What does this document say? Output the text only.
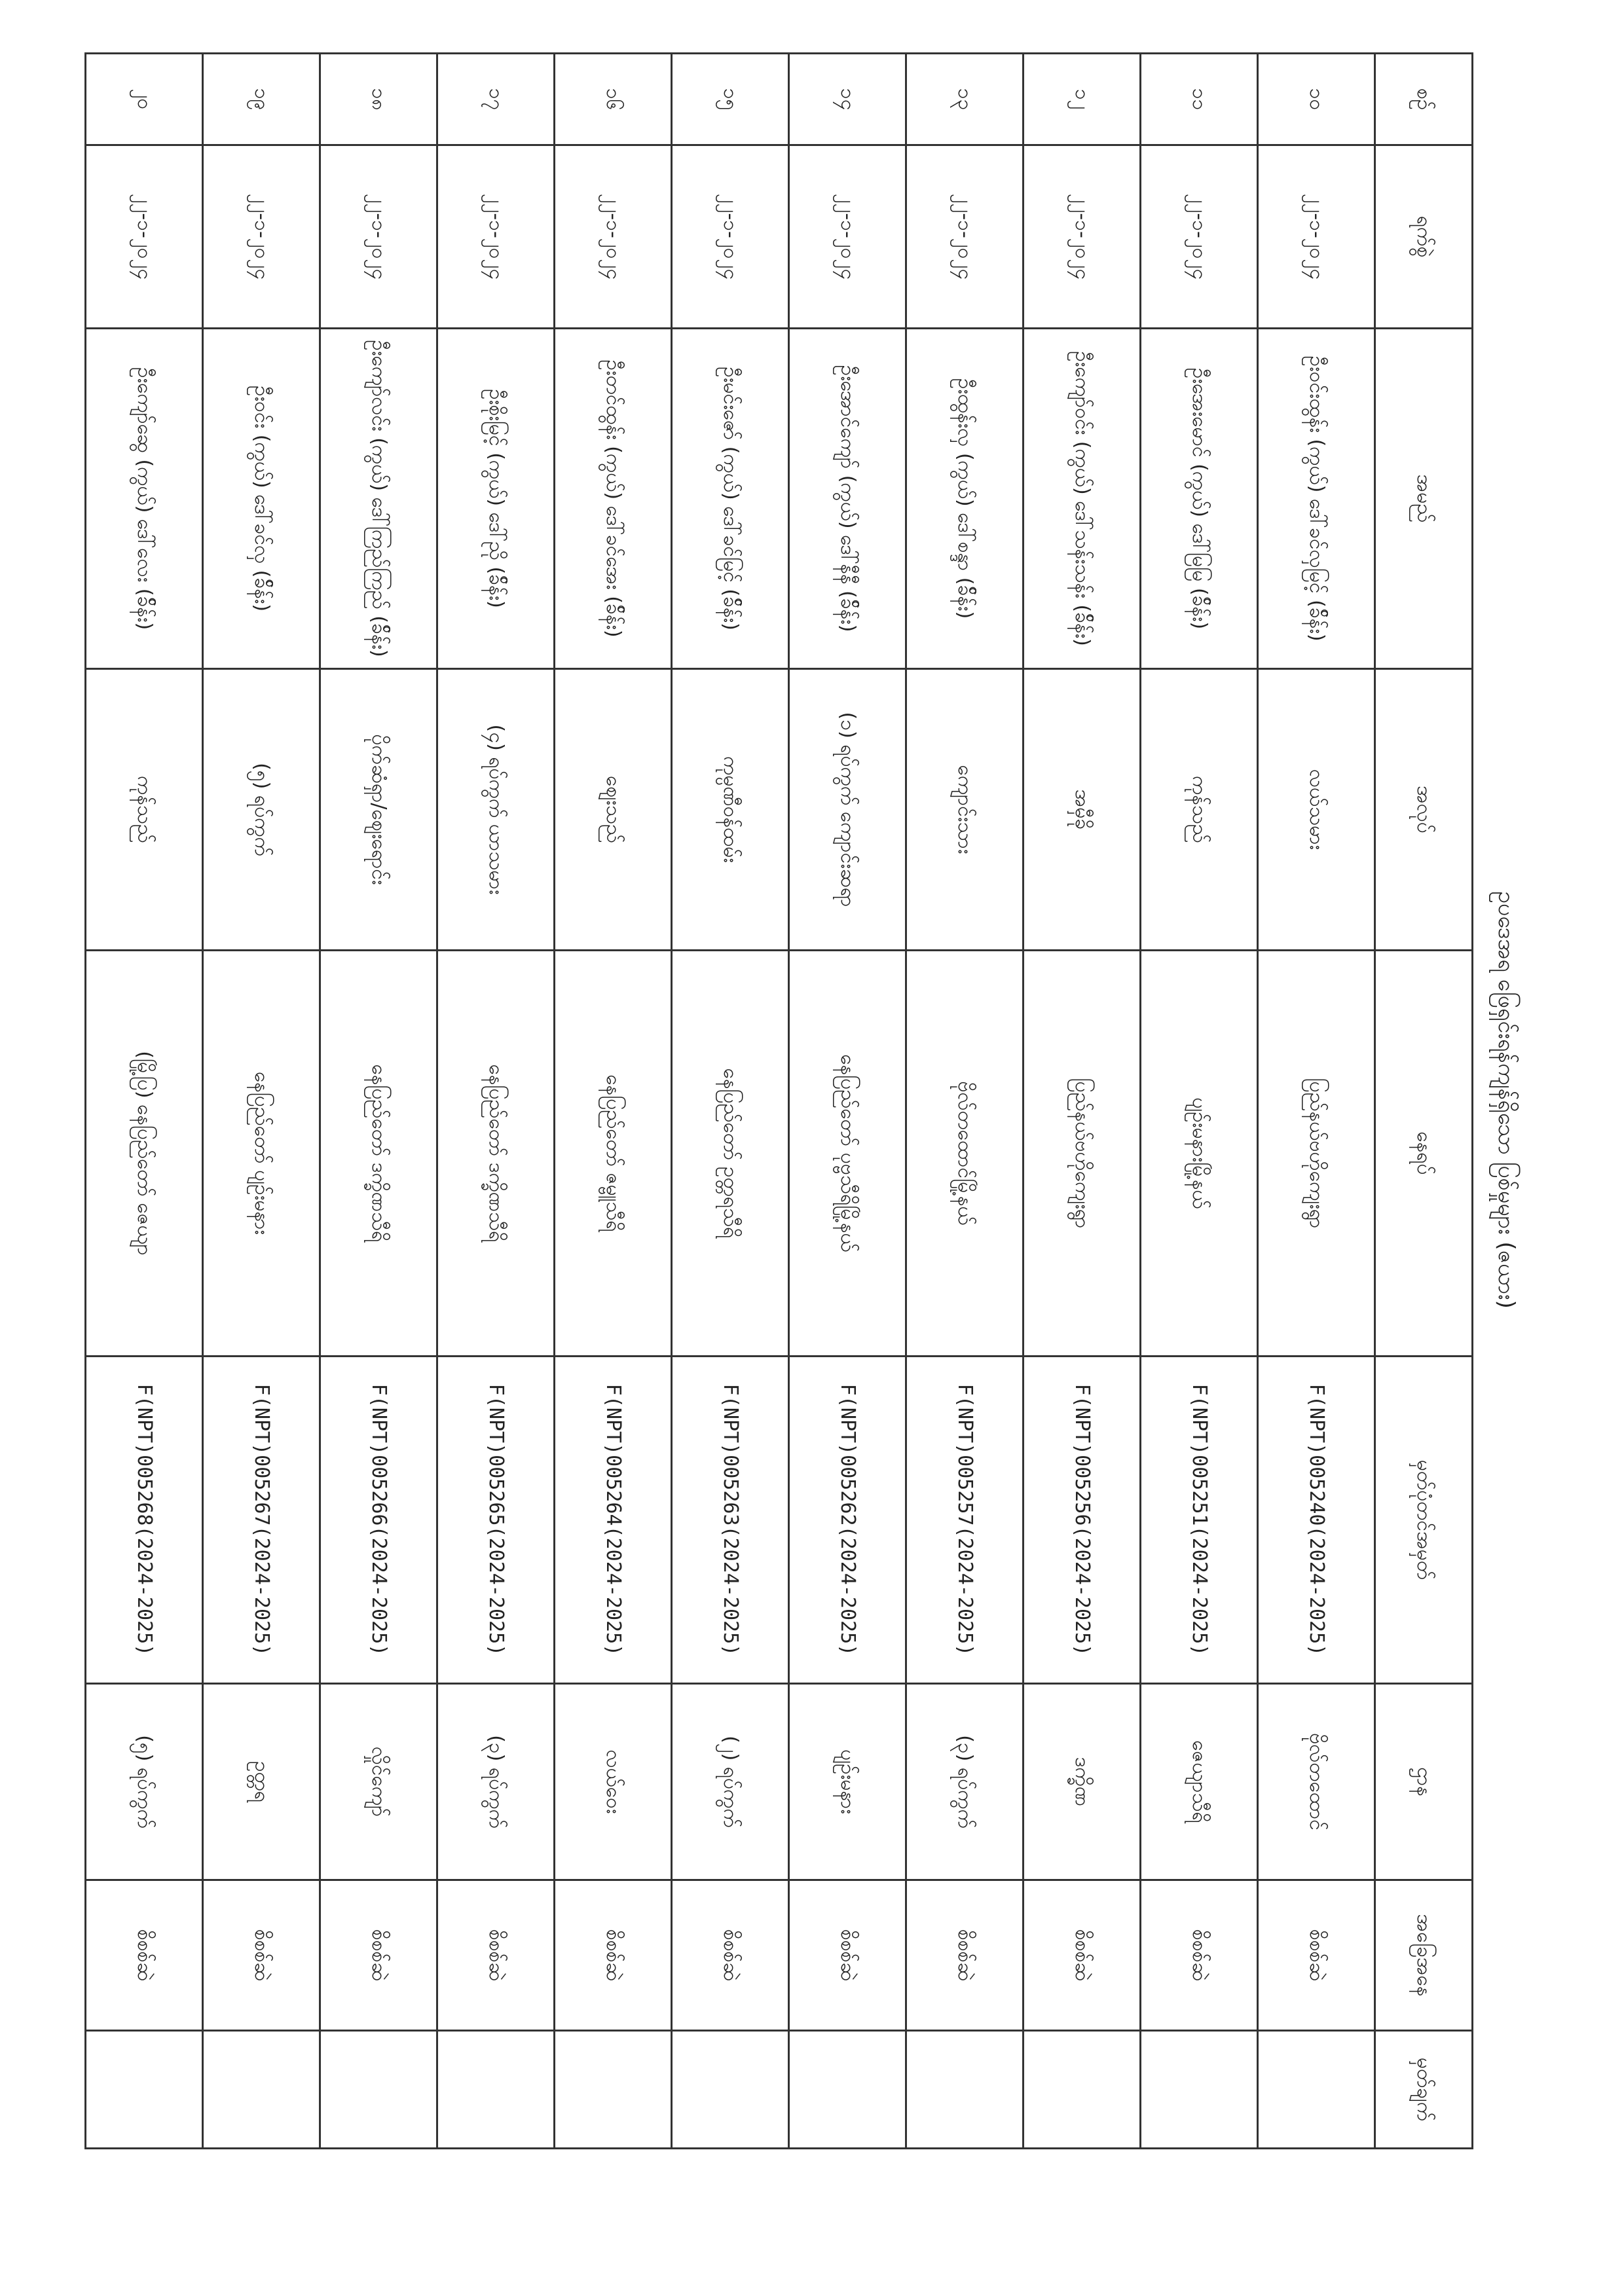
ဥပဒေအရ ဖြေရှင်းရန်ကျန်ရှိသော ပြစ်မှုများ (ဇယား)
စဉ်	ရက်စွဲ	အမည်	အလုပ်	နေရပ်	မှတ်ပုံတင်အမှတ်	ဌာန	အခြေအနေ	မှတ်ချက်
၁၀	၂၂-၁-၂၀၂၄	ဦးဝင်းထွန်း (ကွယ်) ဒေါ်ခင်လှမြင့် (ခ်ိန်း)	လယ်သမား	ပြည်နယ်ဗဟိုကျေးရွာ	F(NPT)005240(2024-2025)	ဗိုလ်တထောင်	စိစစ်ဆဲ	
၁၁	၂၂-၁-၂၀၂၄	ဦးအေးမောင် (ကွယ်) ဒေါ်မြမြ (ခ်ိန်း)	ကုန်သည်	ပျဉ်းမနားမြို့နယ်	F(NPT)005251(2024-2025)	ဇေယျာသီရိ	စိစစ်ဆဲ	
၁၂	၂၂-၁-၂၀၂၄	ဦးကျော်ဝင်း (ကွယ်) ဒေါ်သန်းသန်း (ခ်ိန်း)	အမှီခို	ပြည်နယ်ဗဟိုကျေးရွာ	F(NPT)005256(2024-2025)	ဒက္ခိဏ	စိစစ်ဆဲ	
၁၃	၂၂-၁-၂၀၂၄	ဦးထွန်းလှ (ကွယ်) ဒေါ်စန္ဒာ (ခ်ိန်း)	ကျောင်းသား	ဗိုလ်တထောင်မြို့နယ်	F(NPT)005257(2024-2025)	(၃) ရပ်ကွက်	စိစစ်ဆဲ	
၁၄	၂၂-၁-၂၀၂၄	ဦးအောင်ကျော် (ကွယ်) ဒေါ်နီနီ (ခ်ိန်း)	(၁) ရပ်ကွက် ကျောင်းဆရာ	နေပြည်တော် ပုဗ္ဗသီရိမြို့နယ်	F(NPT)005262(2024-2025)	ပျဉ်းမနား	စိစစ်ဆဲ	
၁၅	၂၂-၁-၂၀၂၄	ဦးမင်းဇော် (ကွယ်) ဒေါ်ခင်မြင့် (ခ်ိန်း)	ကုမ္ပဏီဝန်ထမ်း	နေပြည်တော် ဥတ္တရသီရိ	F(NPT)005263(2024-2025)	(၂) ရပ်ကွက်	စိစစ်ဆဲ	
၁၆	၂၂-၁-၂၀၂၄	ဦးတင်ထွန်း (ကွယ်) ဒေါ်ခင်အေး (ခ်ိန်း)	ဈေးသည်	နေပြည်တော် ဇမ္ဗူသီရိ	F(NPT)005264(2024-2025)	လယ်ဝေး	စိစစ်ဆဲ	
၁၇	၂၂-၁-၂၀၂၄	ဦးစိုးမြင့် (ကွယ်) ဒေါ်ညို (ခ်ိန်း)	(၄) ရပ်ကွက် ယာသမား	နေပြည်တော် ဒက္ခိဏသီရိ	F(NPT)005265(2024-2025)	(၃) ရပ်ကွက်	စိစစ်ဆဲ	
၁၈	၂၂-၁-၂၀၂၄	ဦးကျော်လင်း (ကွယ်) ဒေါ်ကြည်ကြည် (ခ်ိန်း)	ပိုက်ဆံရှာ/ဈေးရောင်း	နေပြည်တော် ဒက္ခိဏသီရိ	F(NPT)005266(2024-2025)	လှိုင်ကျော်	စိစစ်ဆဲ	
၁၉	၂၂-၁-၂၀၂၄	ဦးဝင်း (ကွယ်) ဒေါ်ခင်လှ (ခ်ိန်း)	(၅) ရပ်ကွက်	နေပြည်တော် ပျဉ်းမနား	F(NPT)005267(2024-2025)	ဥတ္တရ	စိစစ်ဆဲ	
၂၀	၂၂-၁-၂၀၂၄	ဦးကျော်ဆွေ (ကွယ်) ဒေါ်လေး (ခ်ိန်း)	ကုန်သည်	(မြို့ပြ) နေပြည်တော် ဇေယျာ	F(NPT)005268(2024-2025)	(၅) ရပ်ကွက်	စိစစ်ဆဲ	
